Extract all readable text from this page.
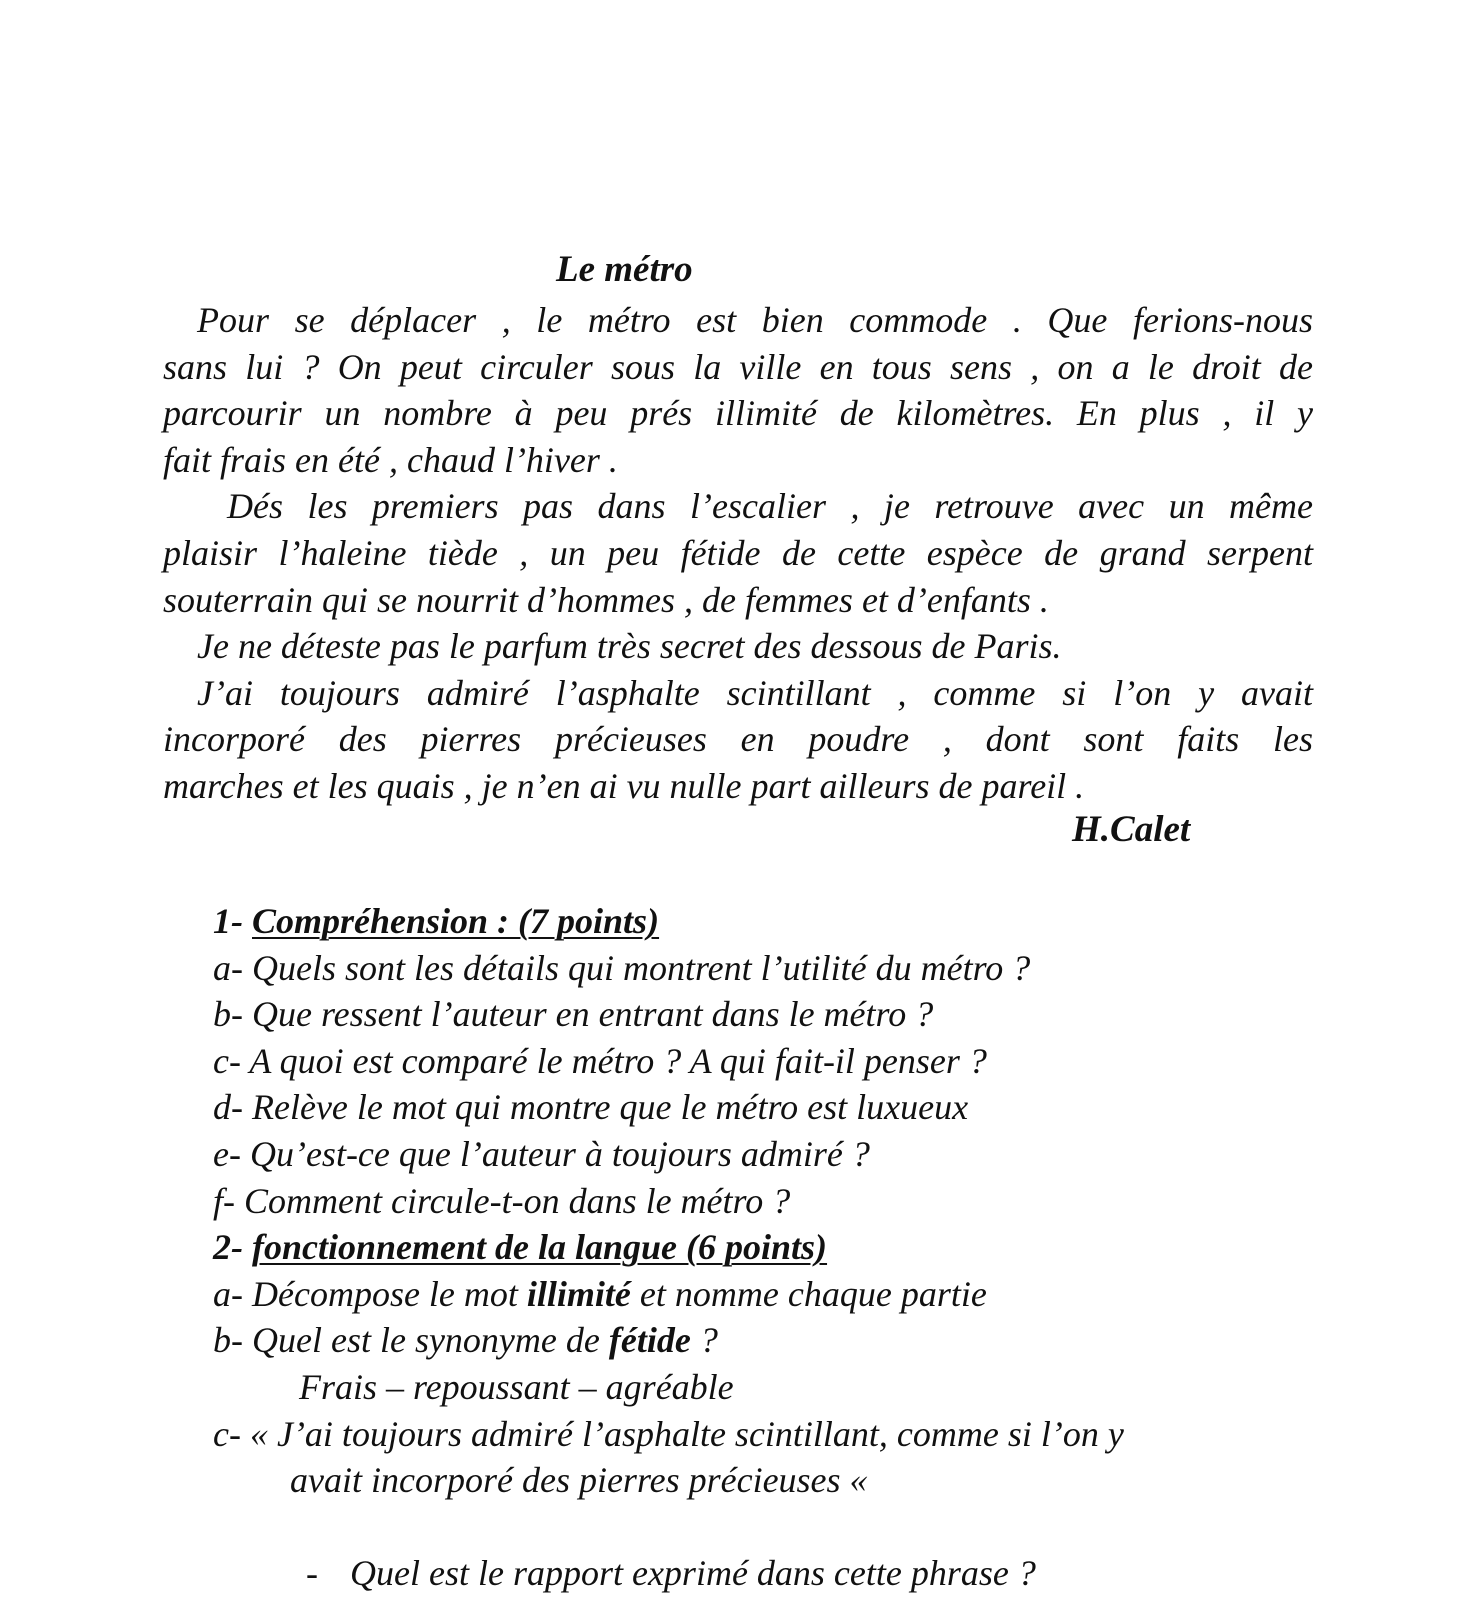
Le métro
Pour se déplacer , le métro est bien commode . Que ferions-nous
sans lui ? On peut circuler sous la ville en tous sens , on a le droit de
parcourir un nombre à peu prés illimité de kilomètres. En plus , il y
fait frais en été , chaud l’hiver .
Dés les premiers pas dans l’escalier , je retrouve avec un même
plaisir l’haleine tiède , un peu fétide de cette espèce de grand serpent
souterrain qui se nourrit d’hommes , de femmes et d’enfants .
Je ne déteste pas le parfum très secret des dessous de Paris.
J’ai toujours admiré l’asphalte scintillant , comme si l’on y avait
incorporé des pierres précieuses en poudre , dont sont faits les
marches et les quais , je n’en ai vu nulle part ailleurs de pareil .
H.Calet
1- Compréhension : (7 points)
a- Quels sont les détails qui montrent l’utilité du métro ?
b- Que ressent l’auteur en entrant dans le métro ?
c- A quoi est comparé le métro ? A qui fait-il penser ?
d- Relève le mot qui montre que le métro est luxueux
e- Qu’est-ce que l’auteur à toujours admiré ?
f- Comment circule-t-on dans le métro ?
2- fonctionnement de la langue (6 points)
a- Décompose le mot illimité et nomme chaque partie
b- Quel est le synonyme de fétide ?
Frais – repoussant – agréable
c- « J’ai toujours admiré l’asphalte scintillant, comme si l’on y
avait incorporé des pierres précieuses «
- Quel est le rapport exprimé dans cette phrase ?
